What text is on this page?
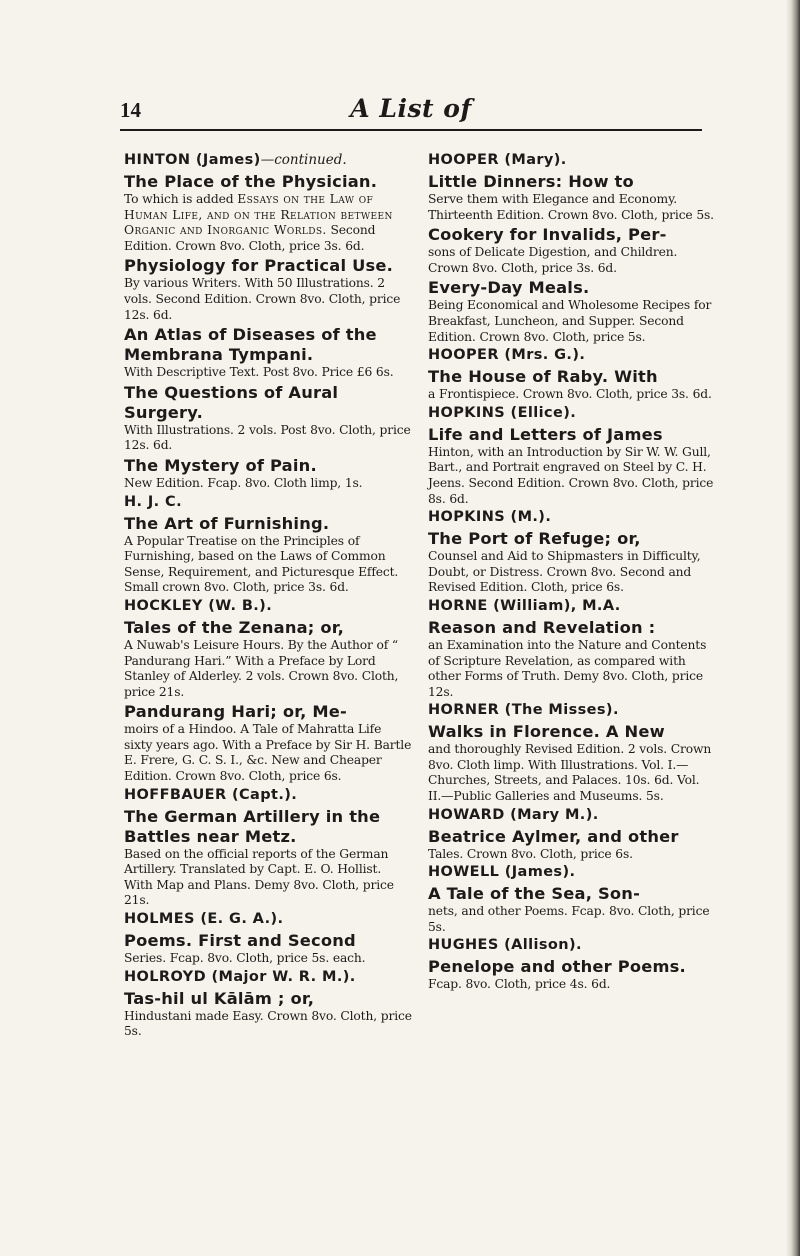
14	A List of
HINTON (James)—continued.
The Place of the Physician.
To which is added Essays on the Law of Human Life, and on the Relation between Organic and Inorganic Worlds. Second Edition. Crown 8vo. Cloth, price 3s. 6d.
Physiology for Practical Use.
By various Writers. With 50 Illustrations. 2 vols. Second Edition. Crown 8vo. Cloth, price 12s. 6d.
An Atlas of Diseases of the Membrana Tympani.
With Descriptive Text. Post 8vo. Price £6 6s.
The Questions of Aural Surgery.
With Illustrations. 2 vols. Post 8vo. Cloth, price 12s. 6d.
The Mystery of Pain.
New Edition. Fcap. 8vo. Cloth limp, 1s.
H. J. C.
The Art of Furnishing.
A Popular Treatise on the Principles of Furnishing, based on the Laws of Common Sense, Requirement, and Picturesque Effect. Small crown 8vo. Cloth, price 3s. 6d.
HOCKLEY (W. B.).
Tales of the Zenana; or,
A Nuwab's Leisure Hours. By the Author of “ Pandurang Hari.” With a Preface by Lord Stanley of Alderley. 2 vols. Crown 8vo. Cloth, price 21s.
Pandurang Hari; or, Me-
moirs of a Hindoo. A Tale of Mahratta Life sixty years ago. With a Preface by Sir H. Bartle E. Frere, G. C. S. I., &c. New and Cheaper Edition. Crown 8vo. Cloth, price 6s.
HOFFBAUER (Capt.).
The German Artillery in the Battles near Metz.
Based on the official reports of the German Artillery. Translated by Capt. E. O. Hollist. With Map and Plans. Demy 8vo. Cloth, price 21s.
HOLMES (E. G. A.).
Poems. First and Second
Series. Fcap. 8vo. Cloth, price 5s. each.
HOLROYD (Major W. R. M.).
Tas-hil ul Kālām ; or,
Hindustani made Easy. Crown 8vo. Cloth, price 5s.
HOOPER (Mary).
Little Dinners: How to
Serve them with Elegance and Economy. Thirteenth Edition. Crown 8vo. Cloth, price 5s.
Cookery for Invalids, Per-
sons of Delicate Digestion, and Children. Crown 8vo. Cloth, price 3s. 6d.
Every-Day Meals.
Being Economical and Wholesome Recipes for Breakfast, Luncheon, and Supper. Second Edition. Crown 8vo. Cloth, price 5s.
HOOPER (Mrs. G.).
The House of Raby. With
a Frontispiece. Crown 8vo. Cloth, price 3s. 6d.
HOPKINS (Ellice).
Life and Letters of James
Hinton, with an Introduction by Sir W. W. Gull, Bart., and Portrait engraved on Steel by C. H. Jeens. Second Edition. Crown 8vo. Cloth, price 8s. 6d.
HOPKINS (M.).
The Port of Refuge; or,
Counsel and Aid to Shipmasters in Difficulty, Doubt, or Distress. Crown 8vo. Second and Revised Edition. Cloth, price 6s.
HORNE (William), M.A.
Reason and Revelation :
an Examination into the Nature and Contents of Scripture Revelation, as compared with other Forms of Truth. Demy 8vo. Cloth, price 12s.
HORNER (The Misses).
Walks in Florence. A New
and thoroughly Revised Edition. 2 vols. Crown 8vo. Cloth limp. With Illustrations. Vol. I.—Churches, Streets, and Palaces. 10s. 6d. Vol. II.—Public Galleries and Museums. 5s.
HOWARD (Mary M.).
Beatrice Aylmer, and other
Tales. Crown 8vo. Cloth, price 6s.
HOWELL (James).
A Tale of the Sea, Son-
nets, and other Poems. Fcap. 8vo. Cloth, price 5s.
HUGHES (Allison).
Penelope and other Poems.
Fcap. 8vo. Cloth, price 4s. 6d.
